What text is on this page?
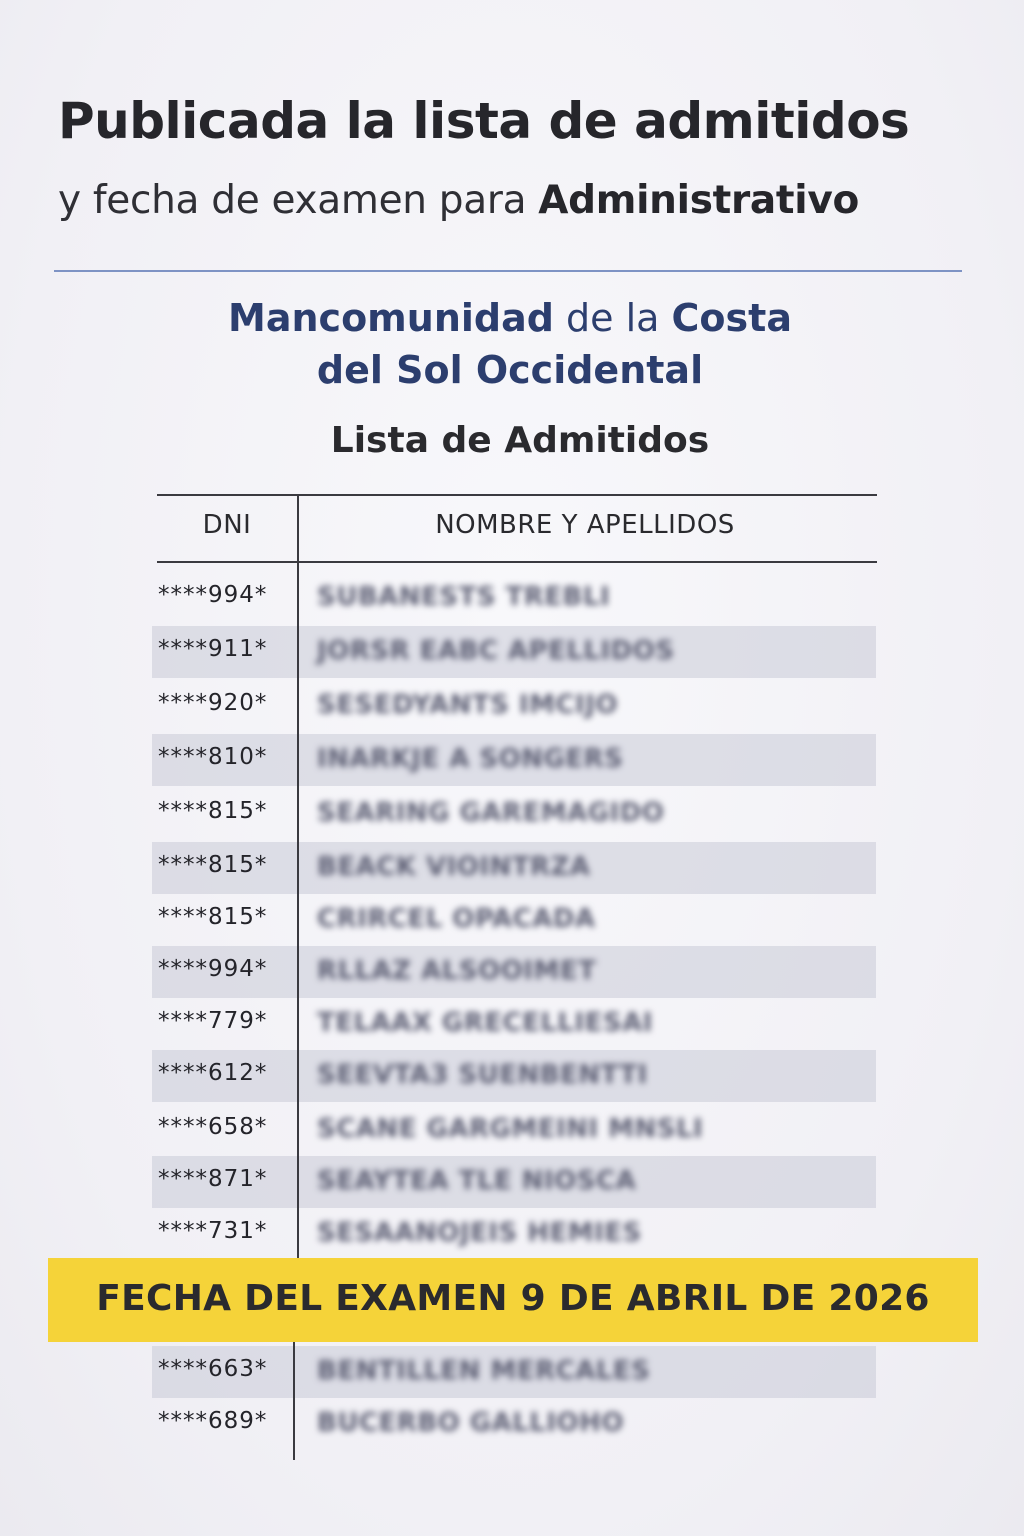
Publicada la lista de admitidos
y fecha de examen para Administrativo
Mancomunidad de la Costa
del Sol Occidental
Lista de Admitidos
DNI	NOMBRE Y APELLIDOS
****994*	SUBANESTS TREBLI
****911*	JORSR EABC APELLIDOS
****920*	SESEDYANTS IMCIJO
****810*	INARKJE A SONGERS
****815*	SEARING GAREMAGIDO
****815*	BEACK VIOINTRZA
****815*	CRIRCEL OPACADA
****994*	RLLAZ ALSOOIMET
****779*	TELAAX GRECELLIESAI
****612*	SEEVTA3 SUENBENTTI
****658*	SCANE GARGMEINI MNSLI
****871*	SEAYTEA TLE NIOSCA
****731*	SESAANOJEIS HEMIES
****663*	BENTILLEN MERCALES
****689*	BUCERBO GALLIOHO
FECHA DEL EXAMEN 9 DE ABRIL DE 2026
